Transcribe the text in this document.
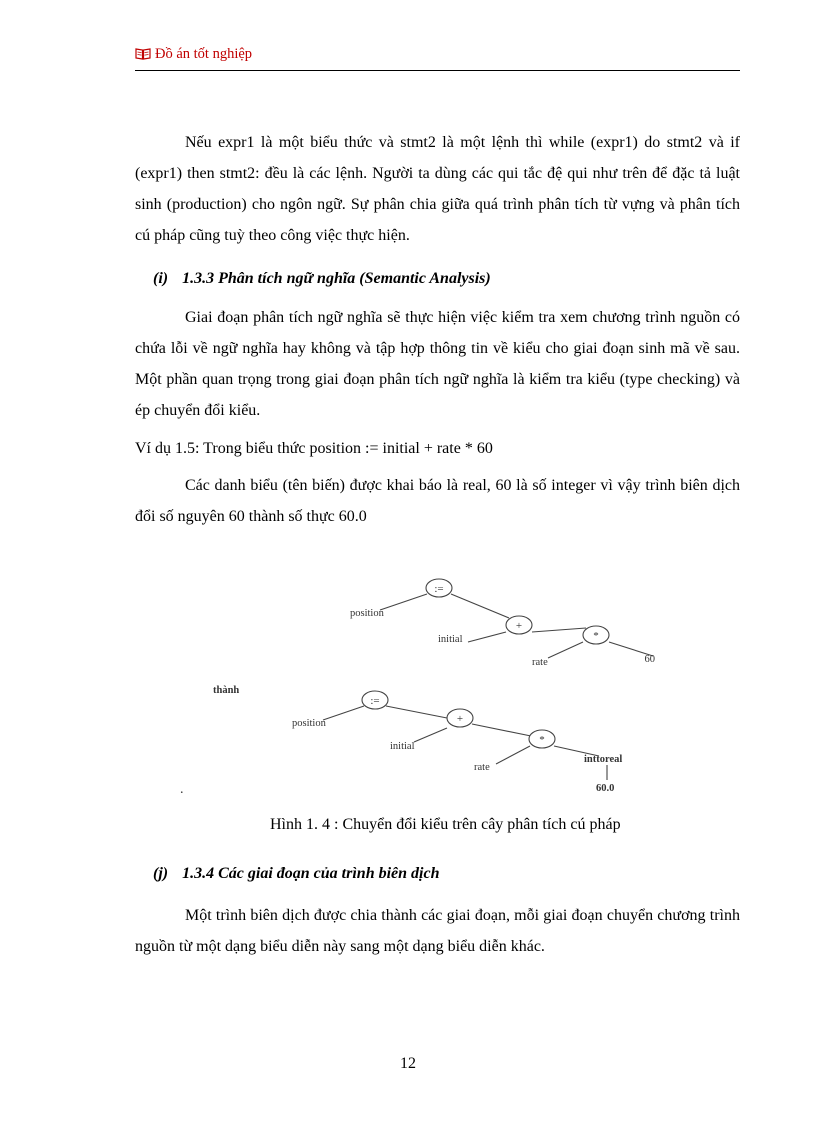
Đồ án tốt nghiệp

Nếu expr1 là một biểu thức và stmt2 là một lệnh thì while (expr1) do stmt2 và if (expr1) then stmt2: đều là các lệnh. Người ta dùng các qui tắc đệ qui như trên để đặc tả luật sinh (production) cho ngôn ngữ. Sự phân chia giữa quá trình phân tích từ vựng và phân tích cú pháp cũng tuỳ theo công việc thực hiện.

(i) 1.3.3 Phân tích ngữ nghĩa (Semantic Analysis)

Giai đoạn phân tích ngữ nghĩa sẽ thực hiện việc kiểm tra xem chương trình nguồn có chứa lỗi về ngữ nghĩa hay không và tập hợp thông tin về kiểu cho giai đoạn sinh mã về sau. Một phần quan trọng trong giai đoạn phân tích ngữ nghĩa là kiểm tra kiểu (type checking) và ép chuyển đổi kiểu.

Ví dụ 1.5: Trong biểu thức position := initial + rate * 60

Các danh biểu (tên biến) được khai báo là real, 60 là số integer vì vậy trình biên dịch đổi số nguyên 60 thành số thực 60.0

:=
+
*
position
initial
rate	60
thành
:=
+
*
position
initial
rate
inttoreal
60.0
.
Hình 1. 4 : Chuyển đổi kiểu trên cây phân tích cú pháp

(j) 1.3.4 Các giai đoạn của trình biên dịch

Một trình biên dịch được chia thành các giai đoạn, mỗi giai đoạn chuyển chương trình nguồn từ một dạng biểu diễn này sang một dạng biểu diễn khác.

12
